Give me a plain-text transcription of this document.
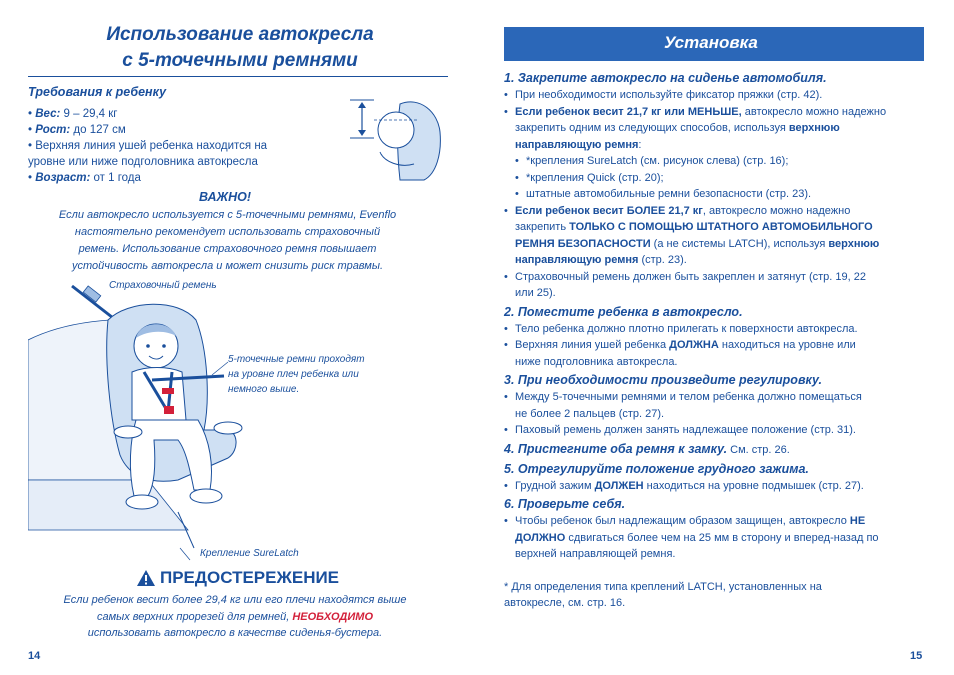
Использование автокресла
с 5-точечными ремнями
Требования к ребенку
• Вес: 9 – 29,4 кг
• Рост: до 127 см
• Верхняя линия ушей ребенка находится на
уровне или ниже подголовника автокресла
• Возраст: от 1 года
ВАЖНО!
Если автокресло используется с 5-точечными ремнями, Evenflo
настоятельно рекомендует использовать страховочный
ремень. Использование страховочного ремня повышает
устойчивость автокресла и может снизить риск травмы.
Страховочный ремень
5-точечные ремни проходят
на уровне плеч ребенка или
немного выше.
Крепление SureLatch
ПРЕДОСТЕРЕЖЕНИЕ
Если ребенок весит более 29,4 кг или его плечи находятся выше
самых верхних прорезей для ремней, НЕОБХОДИМО
использовать автокресло в качестве сиденья-бустера.
14
Установка
1. Закрепите автокресло на сиденье автомобиля.
• При необходимости используйте фиксатор пряжки (стр. 42).
• Если ребенок весит 21,7 кг или МЕНЬШЕ, автокресло можно надежно
закрепить одним из следующих способов, используя верхнюю
направляющую ремня:
• *крепления SureLatch (см. рисунок слева) (стр. 16);
• *крепления Quick (стр. 20);
• штатные автомобильные ремни безопасности (стр. 23).
• Если ребенок весит БОЛЕЕ 21,7 кг, автокресло можно надежно
закрепить ТОЛЬКО С ПОМОЩЬЮ ШТАТНОГО АВТОМОБИЛЬНОГО
РЕМНЯ БЕЗОПАСНОСТИ (а не системы LATCH), используя верхнюю
направляющую ремня (стр. 23).
• Страховочный ремень должен быть закреплен и затянут (стр. 19, 22
или 25).
2. Поместите ребенка в автокресло.
• Тело ребенка должно плотно прилегать к поверхности автокресла.
• Верхняя линия ушей ребенка ДОЛЖНА находиться на уровне или
ниже подголовника автокресла.
3. При необходимости произведите регулировку.
• Между 5-точечными ремнями и телом ребенка должно помещаться
не более 2 пальцев (стр. 27).
• Паховый ремень должен занять надлежащее положение (стр. 31).
4. Пристегните оба ремня к замку. См. стр. 26.
5. Отрегулируйте положение грудного зажима.
• Грудной зажим ДОЛЖЕН находиться на уровне подмышек (стр. 27).
6. Проверьте себя.
• Чтобы ребенок был надлежащим образом защищен, автокресло НЕ
ДОЛЖНО сдвигаться более чем на 25 мм в сторону и вперед-назад по
верхней направляющей ремня.
* Для определения типа креплений LATCH, установленных на
автокресле, см. стр. 16.
15
